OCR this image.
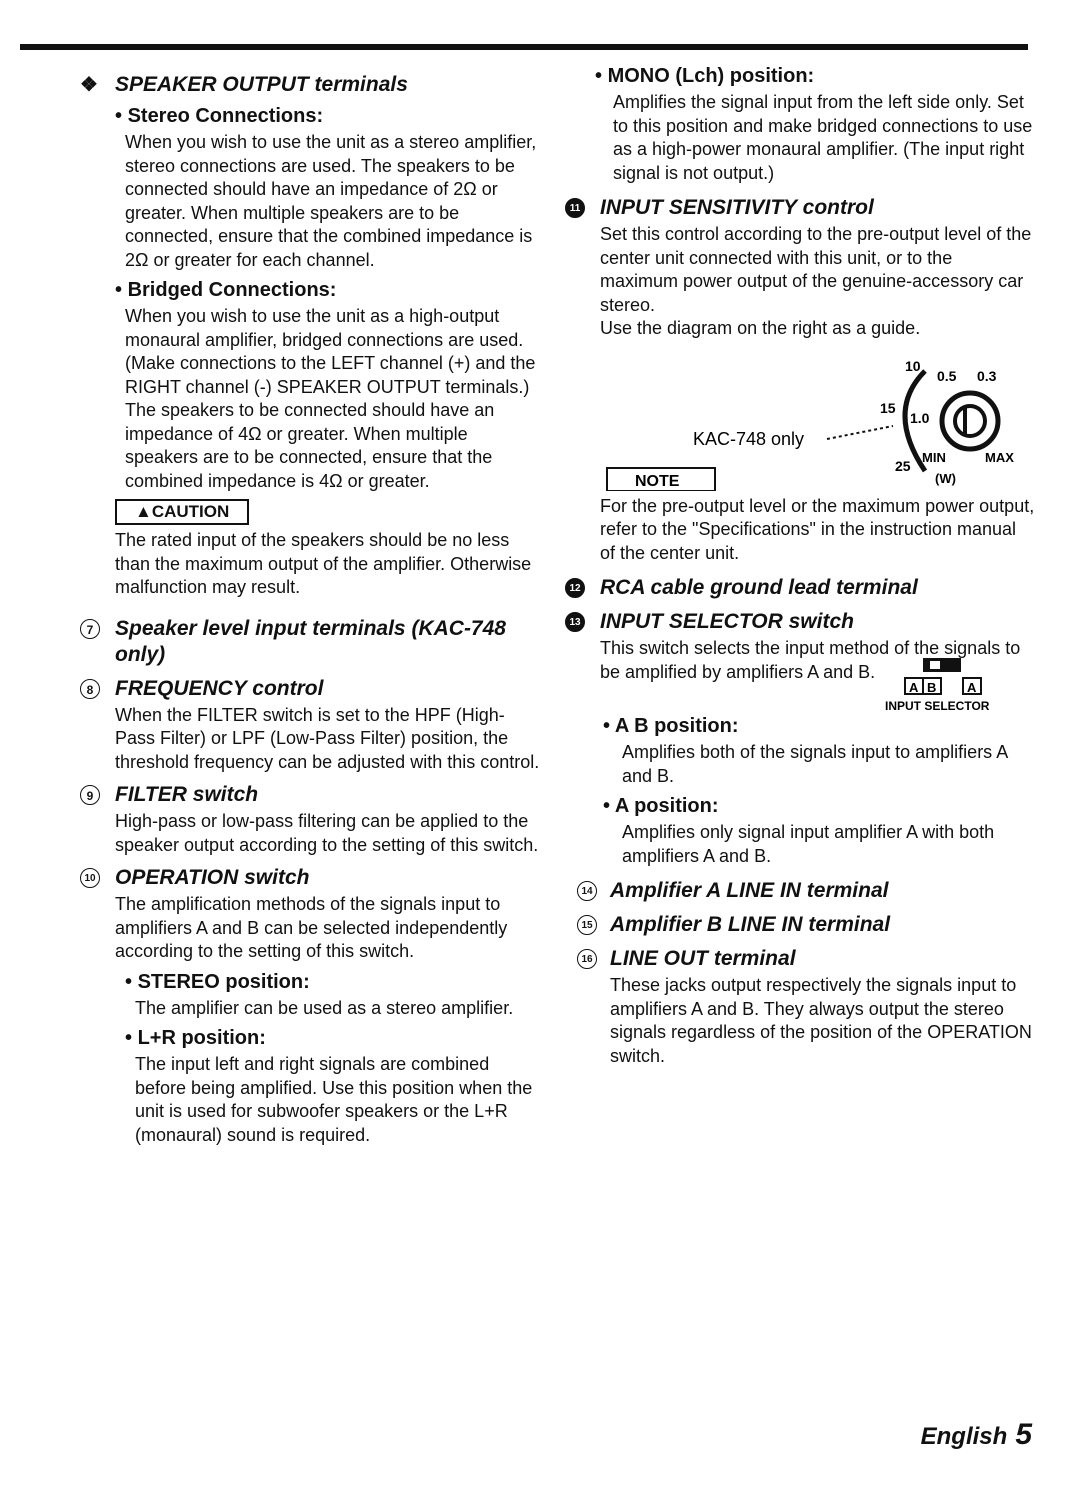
❖ SPEAKER OUTPUT terminals
• Stereo Connections:

When you wish to use the unit as a stereo amplifier, stereo connections are used. The speakers to be connected should have an impedance of 2Ω or greater. When multiple speakers are to be connected, ensure that the combined impedance is 2Ω or greater for each channel.

• Bridged Connections:

When you wish to use the unit as a high-output monaural amplifier, bridged connections are used. (Make connections to the LEFT channel (+) and the RIGHT channel (-) SPEAKER OUTPUT terminals.) The speakers to be connected should have an impedance of 4Ω or greater. When multiple speakers are to be connected, ensure that the combined impedance is 4Ω or greater.

▲CAUTION

The rated input of the speakers should be no less than the maximum output of the amplifier. Otherwise malfunction may result.

7	Speaker level input terminals (KAC-748 only)
8	FREQUENCY control

When the FILTER switch is set to the HPF (High-Pass Filter) or LPF (Low-Pass Filter) position, the threshold frequency can be adjusted with this control.

9	FILTER switch

High-pass or low-pass filtering can be applied to the speaker output according to the setting of this switch.

10 OPERATION switch

The amplification methods of the signals input to amplifiers A and B can be selected independently according to the setting of this switch.

• STEREO position:

The amplifier can be used as a stereo amplifier.

• L+R position:

The input left and right signals are combined before being amplified. Use this position when the unit is used for subwoofer speakers or the L+R (monaural) sound is required.

• MONO (Lch) position:

Amplifies the signal input from the left side only. Set to this position and make bridged connections to use as a high-power monaural amplifier. (The input right signal is not output.)

11 INPUT SENSITIVITY control

Set this control according to the pre-output level of the center unit connected with this unit, or to the maximum power output of the genuine-accessory car stereo.

Use the diagram on the right as a guide.

10
0.5 0.3
15
1.0
25
MIN	MAX
(W)
KAC-748 only
NOTE

For the pre-output level or the maximum power output, refer to the "Specifications" in the instruction manual of the center unit.

12 RCA cable ground lead terminal
13 INPUT SELECTOR switch

This switch selects the input method of the signals to be amplified by amplifiers A and B.

A B A
INPUT SELECTOR
• A B position:

Amplifies both of the signals input to amplifiers A and B.

• A position:

Amplifies only signal input amplifier A with both amplifiers A and B.

14 Amplifier A LINE IN terminal
15 Amplifier B LINE IN terminal
16 LINE OUT terminal

These jacks output respectively the signals input to amplifiers A and B. They always output the stereo signals regardless of the position of the OPERATION switch.

English 5
